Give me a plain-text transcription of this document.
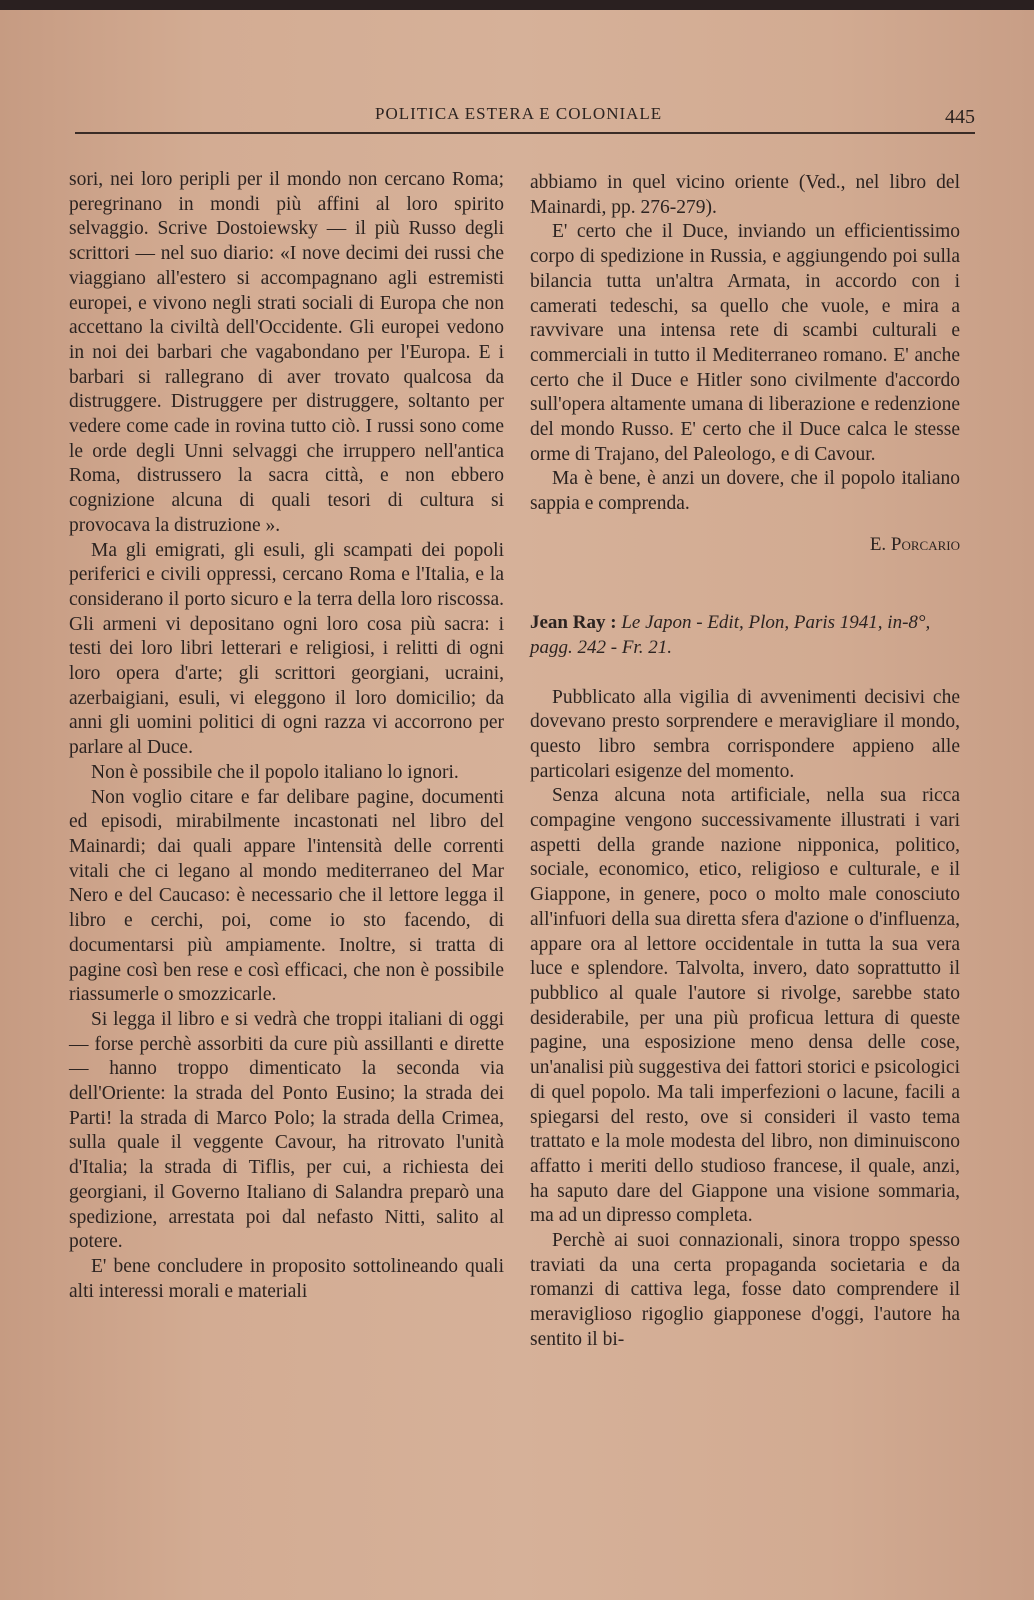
POLITICA ESTERA E COLONIALE	445

sori, nei loro peripli per il mondo non cercano Roma; peregrinano in mondi più affini al loro spirito selvaggio. Scrive Dostoiewsky — il più Russo degli scrittori — nel suo diario: «I nove decimi dei russi che viaggiano all'estero si accompagnano agli estremisti europei, e vivono negli strati sociali di Europa che non accettano la civiltà dell'Occidente. Gli europei vedono in noi dei barbari che vagabondano per l'Europa. E i barbari si rallegrano di aver trovato qualcosa da distruggere. Distruggere per distruggere, soltanto per vedere come cade in rovina tutto ciò. I russi sono come le orde degli Unni selvaggi che irruppero nell'antica Roma, distrussero la sacra città, e non ebbero cognizione alcuna di quali tesori di cultura si provocava la distruzione ».

Ma gli emigrati, gli esuli, gli scampati dei popoli periferici e civili oppressi, cercano Roma e l'Italia, e la considerano il porto sicuro e la terra della loro riscossa. Gli armeni vi depositano ogni loro cosa più sacra: i testi dei loro libri letterari e religiosi, i relitti di ogni loro opera d'arte; gli scrittori georgiani, ucraini, azerbaigiani, esuli, vi eleggono il loro domicilio; da anni gli uomini politici di ogni razza vi accorrono per parlare al Duce.

Non è possibile che il popolo italiano lo ignori.

Non voglio citare e far delibare pagine, documenti ed episodi, mirabilmente incastonati nel libro del Mainardi; dai quali appare l'intensità delle correnti vitali che ci legano al mondo mediterraneo del Mar Nero e del Caucaso: è necessario che il lettore legga il libro e cerchi, poi, come io sto facendo, di documentarsi più ampiamente. Inoltre, si tratta di pagine così ben rese e così efficaci, che non è possibile riassumerle o smozzicarle.

Si legga il libro e si vedrà che troppi italiani di oggi — forse perchè assorbiti da cure più assillanti e dirette — hanno troppo dimenticato la seconda via dell'Oriente: la strada del Ponto Eusino; la strada dei Parti! la strada di Marco Polo; la strada della Crimea, sulla quale il veggente Cavour, ha ritrovato l'unità d'Italia; la strada di Tiflis, per cui, a richiesta dei georgiani, il Governo Italiano di Salandra preparò una spedizione, arrestata poi dal nefasto Nitti, salito al potere.

E' bene concludere in proposito sottolineando quali alti interessi morali e materiali

abbiamo in quel vicino oriente (Ved., nel libro del Mainardi, pp. 276-279).

E' certo che il Duce, inviando un efficientissimo corpo di spedizione in Russia, e aggiungendo poi sulla bilancia tutta un'altra Armata, in accordo con i camerati tedeschi, sa quello che vuole, e mira a ravvivare una intensa rete di scambi culturali e commerciali in tutto il Mediterraneo romano. E' anche certo che il Duce e Hitler sono civilmente d'accordo sull'opera altamente umana di liberazione e redenzione del mondo Russo. E' certo che il Duce calca le stesse orme di Trajano, del Paleologo, e di Cavour.

Ma è bene, è anzi un dovere, che il popolo italiano sappia e comprenda.

E. Porcario
Jean Ray : Le Japon - Edit, Plon, Paris 1941, in-8°, pagg. 242 - Fr. 21.

Pubblicato alla vigilia di avvenimenti decisivi che dovevano presto sorprendere e meravigliare il mondo, questo libro sembra corrispondere appieno alle particolari esigenze del momento.

Senza alcuna nota artificiale, nella sua ricca compagine vengono successivamente illustrati i vari aspetti della grande nazione nipponica, politico, sociale, economico, etico, religioso e culturale, e il Giappone, in genere, poco o molto male conosciuto all'infuori della sua diretta sfera d'azione o d'influenza, appare ora al lettore occidentale in tutta la sua vera luce e splendore. Talvolta, invero, dato soprattutto il pubblico al quale l'autore si rivolge, sarebbe stato desiderabile, per una più proficua lettura di queste pagine, una esposizione meno densa delle cose, un'analisi più suggestiva dei fattori storici e psicologici di quel popolo. Ma tali imperfezioni o lacune, facili a spiegarsi del resto, ove si consideri il vasto tema trattato e la mole modesta del libro, non diminuiscono affatto i meriti dello studioso francese, il quale, anzi, ha saputo dare del Giappone una visione sommaria, ma ad un dipresso completa.

Perchè ai suoi connazionali, sinora troppo spesso traviati da una certa propaganda societaria e da romanzi di cattiva lega, fosse dato comprendere il meraviglioso rigoglio giapponese d'oggi, l'autore ha sentito il bi-
